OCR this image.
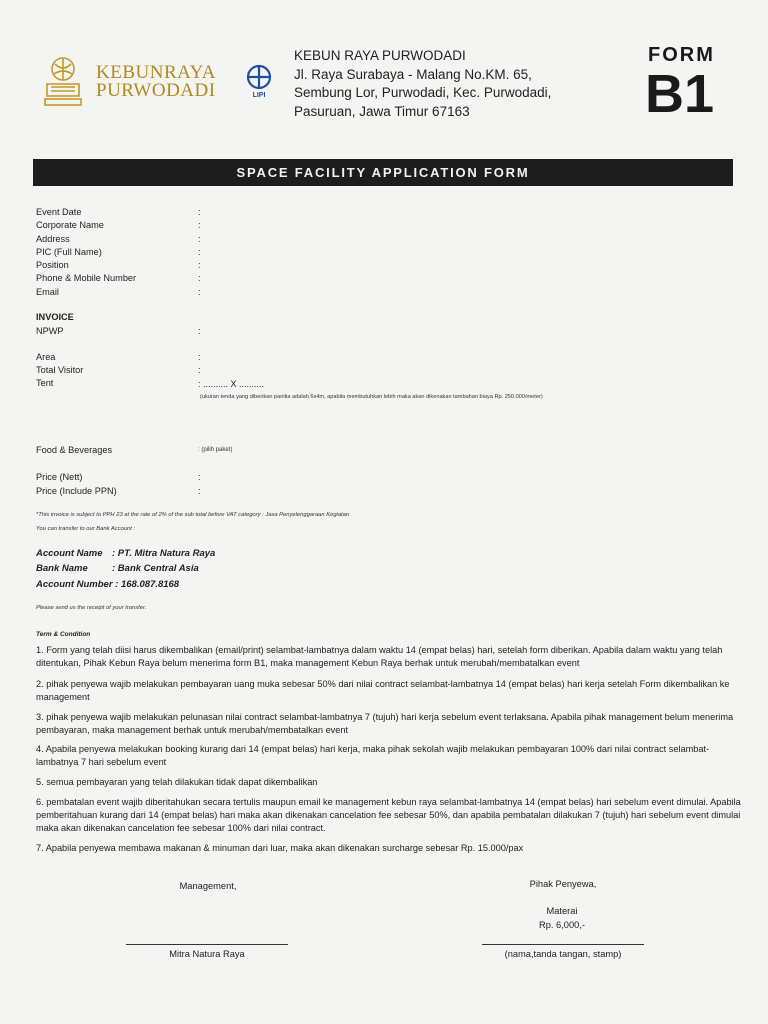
KEBUNRAYA
PURWODADI	LIPI
KEBUN RAYA PURWODADI
Jl. Raya Surabaya - Malang No.KM. 65,
Sembung Lor, Purwodadi, Kec. Purwodadi,
Pasuruan, Jawa Timur 67163
FORM
B1
SPACE FACILITY APPLICATION FORM
Event Date	:
Corporate Name	:
Address	:
PIC (Full Name)	:
Position	:
Phone & Mobile Number	:
Email	:
INVOICE
NPWP	:
Area	:
Total Visitor	:
Tent	: .......... X ..........
(ukuran tenda yang diberikan panitia adalah 6x4m, apabila membutuhkan lebih maka akan dikenakan tambahan biaya Rp. 250.000/meter)
Food & Beverages	: (pilih paket)
Price (Nett)	:
Price (Include PPN)	:
*This invoice is subject to PPH 23 at the rate of 2% of the sub total before VAT category : Jasa Penyelenggaraan Kegiatan
You can transfer to our Bank Account :
Account Name : PT. Mitra Natura Raya
Bank Name	: Bank Central Asia
Account Number : 168.087.8168
Please send us the receipt of your transfer.
Term & Condition
1. Form yang telah diisi harus dikembalikan (email/print) selambat-lambatnya dalam waktu 14 (empat belas) hari, setelah form diberikan. Apabila dalam waktu yang telah ditentukan, Pihak Kebun Raya belum menerima form B1, maka management Kebun Raya berhak untuk merubah/membatalkan event
2. pihak penyewa wajib melakukan pembayaran uang muka sebesar 50% dari nilai contract selambat-lambatnya 14 (empat belas) hari kerja setelah Form dikembalikan ke management
3. pihak penyewa wajib melakukan pelunasan nilai contract selambat-lambatnya 7 (tujuh) hari kerja sebelum event terlaksana. Apabila pihak management belum menerima pembayaran, maka management berhak untuk merubah/membatalkan event
4. Apabila penyewa melakukan booking kurang dari 14 (empat belas) hari kerja, maka pihak sekolah wajib melakukan pembayaran 100% dari nilai contract selambat-lambatnya 7 hari sebelum event
5. semua pembayaran yang telah dilakukan tidak dapat dikembalikan
6. pembatalan event wajib diberitahukan secara tertulis maupun email ke management kebun raya selambat-lambatnya 14 (empat belas) hari sebelum event dimulai. Apabila pemberitahuan kurang dari 14 (empat belas) hari maka akan dikenakan cancelation fee sebesar 50%, dan apabila pembatalan dilakukan 7 (tujuh) hari sebelum event dimulai maka akan dikenakan cancelation fee sebesar 100% dari nilai contract.
7. Apabila penyewa membawa makanan & minuman dari luar, maka akan dikenakan surcharge sebesar Rp. 15.000/pax
Management,
Mitra Natura Raya
Pihak Penyewa,
Materai
Rp. 6,000,-
(nama,tanda tangan, stamp)
